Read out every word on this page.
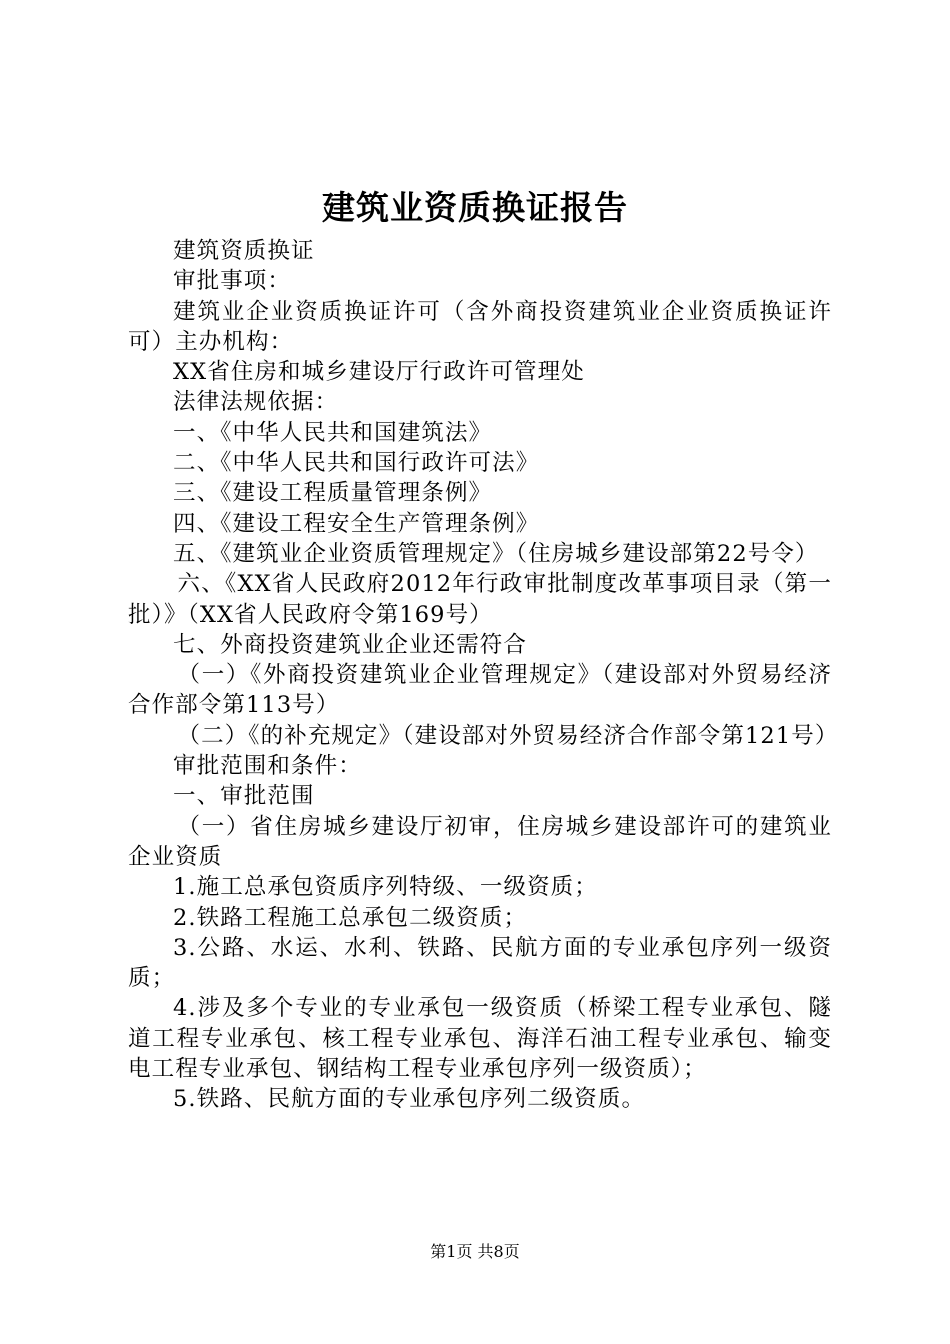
建筑业资质换证报告

建筑资质换证

审批事项：

建筑业企业资质换证许可（含外商投资建筑业企业资质换证许可）主办机构：

XX省住房和城乡建设厅行政许可管理处

法律法规依据：

一、《中华人民共和国建筑法》

二、《中华人民共和国行政许可法》

三、《建设工程质量管理条例》

四、《建设工程安全生产管理条例》

五、《建筑业企业资质管理规定》（住房城乡建设部第22号令）

六、《XX省人民政府2012年行政审批制度改革事项目录（第一批）》（XX省人民政府令第169号）

七、外商投资建筑业企业还需符合

（一）《外商投资建筑业企业管理规定》（建设部对外贸易经济合作部令第113号）

（二）《的补充规定》（建设部对外贸易经济合作部令第121号）

审批范围和条件：

一、审批范围

（一）省住房城乡建设厅初审，住房城乡建设部许可的建筑业企业资质

1.施工总承包资质序列特级、一级资质；

2.铁路工程施工总承包二级资质；

3.公路、水运、水利、铁路、民航方面的专业承包序列一级资质；

4.涉及多个专业的专业承包一级资质（桥梁工程专业承包、隧道工程专业承包、核工程专业承包、海洋石油工程专业承包、输变电工程专业承包、钢结构工程专业承包序列一级资质）；

5.铁路、民航方面的专业承包序列二级资质。

第1页 共8页
